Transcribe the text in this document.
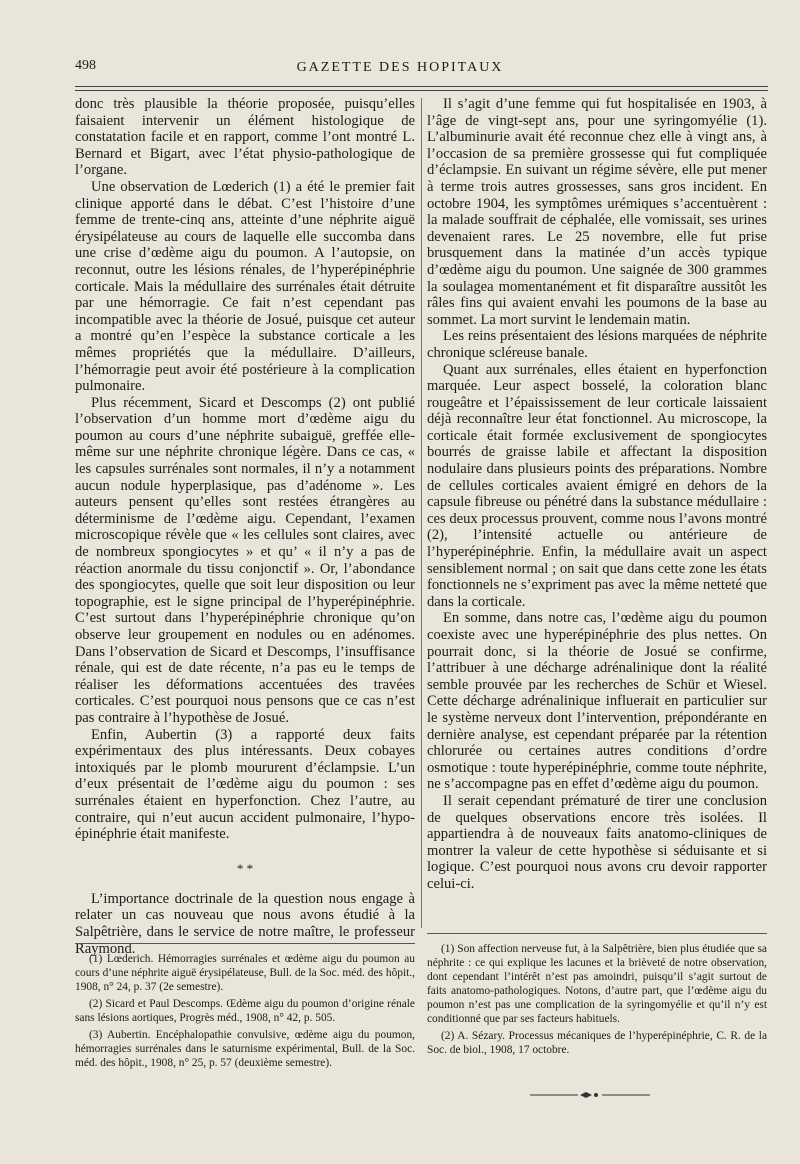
498	GAZETTE DES HOPITAUX

donc très plausible la théorie proposée, puisqu’elles faisaient intervenir un élément histologique de constatation facile et en rapport, comme l’ont montré L. Bernard et Bigart, avec l’état physio-pathologique de l’organe.

Une observation de Lœderich (1) a été le premier fait clinique apporté dans le débat. C’est l’histoire d’une femme de trente-cinq ans, atteinte d’une néphrite aiguë érysipélateuse au cours de laquelle elle succomba dans une crise d’œdème aigu du poumon. A l’autopsie, on reconnut, outre les lésions rénales, de l’hyperépinéphrie corticale. Mais la médullaire des surrénales était détruite par une hémorragie. Ce fait n’est cependant pas incompatible avec la théorie de Josué, puisque cet auteur a montré qu’en l’espèce la substance corticale a les mêmes propriétés que la médullaire. D’ailleurs, l’hémorragie peut avoir été postérieure à la complication pulmonaire.

Plus récemment, Sicard et Descomps (2) ont publié l’observation d’un homme mort d’œdème aigu du poumon au cours d’une néphrite subaiguë, greffée elle-même sur une néphrite chronique légère. Dans ce cas, « les capsules surrénales sont normales, il n’y a notamment aucun nodule hyperplasique, pas d’adénome ». Les auteurs pensent qu’elles sont restées étrangères au déterminisme de l’œdème aigu. Cependant, l’examen microscopique révèle que « les cellules sont claires, avec de nombreux spongiocytes » et qu’ « il n’y a pas de réaction anormale du tissu conjonctif ». Or, l’abondance des spongiocytes, quelle que soit leur disposition ou leur topographie, est le signe principal de l’hyperépinéphrie. C’est surtout dans l’hyperépinéphrie chronique qu’on observe leur groupement en nodules ou en adénomes. Dans l’observation de Sicard et Descomps, l’insuffisance rénale, qui est de date récente, n’a pas eu le temps de réaliser les déformations accentuées des travées corticales. C’est pourquoi nous pensons que ce cas n’est pas contraire à l’hypothèse de Josué.

Enfin, Aubertin (3) a rapporté deux faits expérimentaux des plus intéressants. Deux cobayes intoxiqués par le plomb moururent d’éclampsie. L’un d’eux présentait de l’œdème aigu du poumon : ses surrénales étaient en hyperfonction. Chez l’autre, au contraire, qui n’eut aucun accident pulmonaire, l’hypo-épinéphrie était manifeste.

* *

L’importance doctrinale de la question nous engage à relater un cas nouveau que nous avons étudié à la Salpêtrière, dans le service de notre maître, le professeur Raymond.

Il s’agit d’une femme qui fut hospitalisée en 1903, à l’âge de vingt-sept ans, pour une syringomyélie (1). L’albuminurie avait été reconnue chez elle à vingt ans, à l’occasion de sa première grossesse qui fut compliquée d’éclampsie. En suivant un régime sévère, elle put mener à terme trois autres grossesses, sans gros incident. En octobre 1904, les symptômes urémiques s’accentuèrent : la malade souffrait de céphalée, elle vomissait, ses urines devenaient rares. Le 25 novembre, elle fut prise brusquement dans la matinée d’un accès typique d’œdème aigu du poumon. Une saignée de 300 grammes la soulagea momentanément et fit disparaître aussitôt les râles fins qui avaient envahi les poumons de la base au sommet. La mort survint le lendemain matin.

Les reins présentaient des lésions marquées de néphrite chronique scléreuse banale.

Quant aux surrénales, elles étaient en hyperfonction marquée. Leur aspect bosselé, la coloration blanc rougeâtre et l’épaississement de leur corticale laissaient déjà reconnaître leur état fonctionnel. Au microscope, la corticale était formée exclusivement de spongiocytes bourrés de graisse labile et affectant la disposition nodulaire dans plusieurs points des préparations. Nombre de cellules corticales avaient émigré en dehors de la capsule fibreuse ou pénétré dans la substance médullaire : ces deux processus prouvent, comme nous l’avons montré (2), l’intensité actuelle ou antérieure de l’hyperépinéphrie. Enfin, la médullaire avait un aspect sensiblement normal ; on sait que dans cette zone les états fonctionnels ne s’expriment pas avec la même netteté que dans la corticale.

En somme, dans notre cas, l’œdème aigu du poumon coexiste avec une hyperépinéphrie des plus nettes. On pourrait donc, si la théorie de Josué se confirme, l’attribuer à une décharge adrénalinique dont la réalité semble prouvée par les recherches de Schür et Wiesel. Cette décharge adrénalinique influerait en particulier sur le système nerveux dont l’intervention, prépondérante en dernière analyse, est cependant préparée par la rétention chlorurée ou certaines autres conditions d’ordre osmotique : toute hyperépinéphrie, comme toute néphrite, ne s’accompagne pas en effet d’œdème aigu du poumon.

Il serait cependant prématuré de tirer une conclusion de quelques observations encore très isolées. Il appartiendra à de nouveaux faits anatomo-cliniques de montrer la valeur de cette hypothèse si séduisante et si logique. C’est pourquoi nous avons cru devoir rapporter celui-ci.

(1) Lœderich. Hémorragies surrénales et œdème aigu du poumon au cours d’une néphrite aiguë érysipélateuse, Bull. de la Soc. méd. des hôpit., 1908, n° 24, p. 37 (2e semestre).

(2) Sicard et Paul Descomps. Œdème aigu du poumon d’origine rénale sans lésions aortiques, Progrès méd., 1908, n° 42, p. 505.

(3) Aubertin. Encéphalopathie convulsive, œdème aigu du poumon, hémorragies surrénales dans le saturnisme expérimental, Bull. de la Soc. méd. des hôpit., 1908, n° 25, p. 57 (deuxième semestre).

(1) Son affection nerveuse fut, à la Salpêtrière, bien plus étudiée que sa néphrite : ce qui explique les lacunes et la brièveté de notre observation, dont cependant l’intérêt n’est pas amoindri, puisqu’il s’agit surtout de faits anatomo-pathologiques. Notons, d’autre part, que l’œdème aigu du poumon n’est pas une complication de la syringomyélie et qu’il n’y est conditionné que par ses facteurs habituels.

(2) A. Sézary. Processus mécaniques de l’hyperépinéphrie, C. R. de la Soc. de biol., 1908, 17 octobre.
